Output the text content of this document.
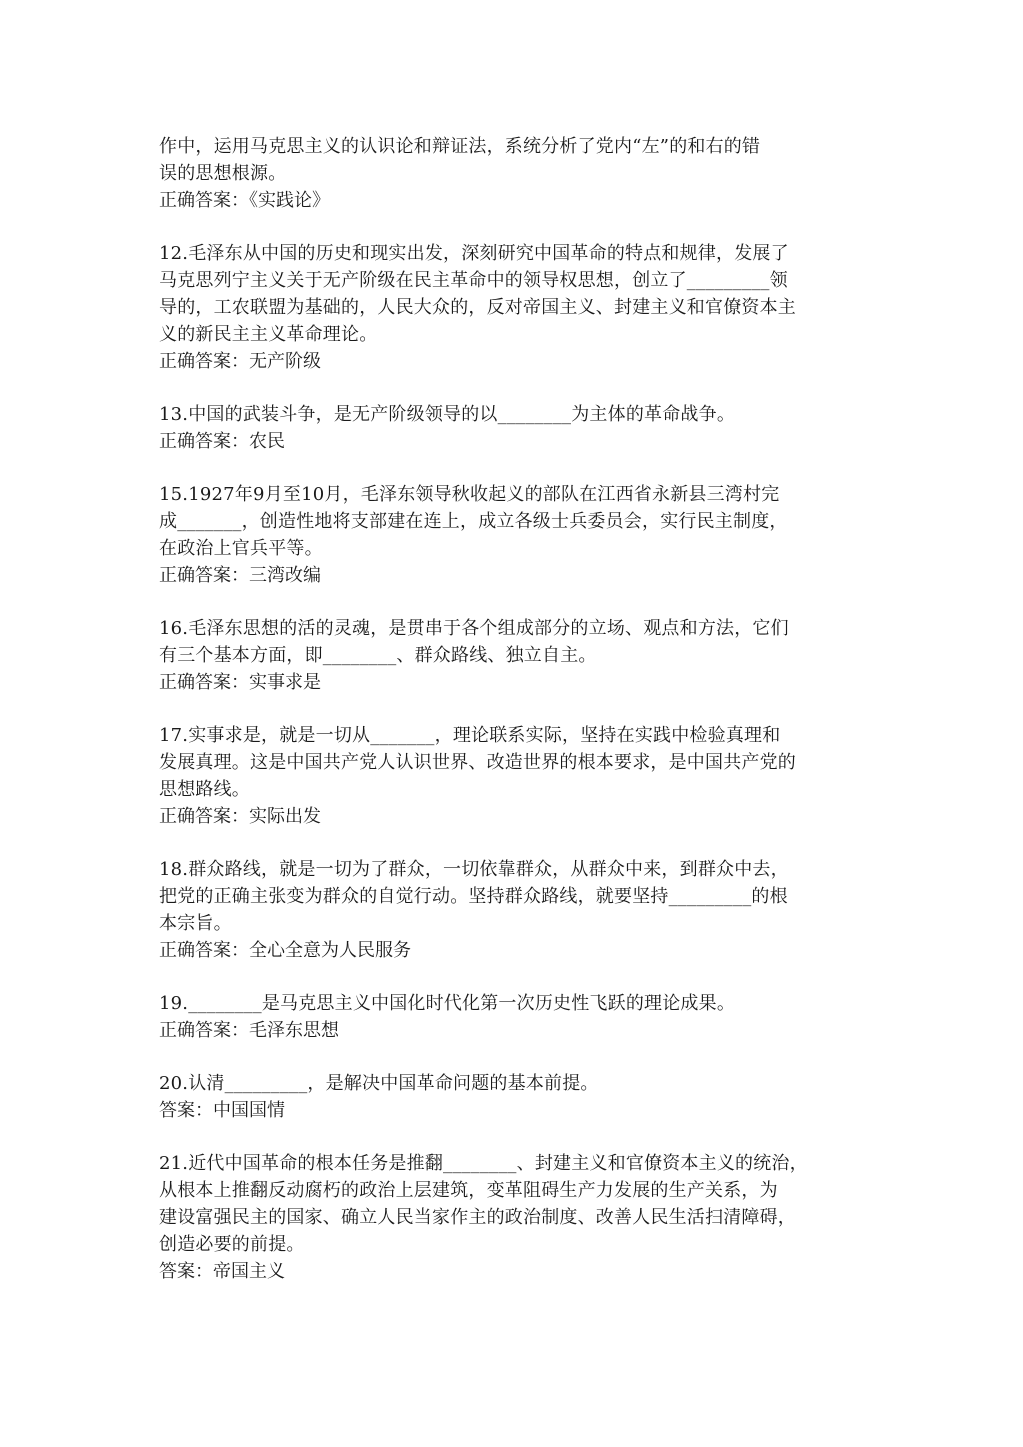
作中，运用马克思主义的认识论和辩证法，系统分析了党内“左”的和右的错
误的思想根源。
正确答案：《实践论》
12.毛泽东从中国的历史和现实出发，深刻研究中国革命的特点和规律，发展了
马克思列宁主义关于无产阶级在民主革命中的领导权思想，创立了_________领
导的，工农联盟为基础的，人民大众的，反对帝国主义、封建主义和官僚资本主
义的新民主主义革命理论。
正确答案：无产阶级
13.中国的武装斗争，是无产阶级领导的以________为主体的革命战争。
正确答案：农民
15.1927年9月至10月，毛泽东领导秋收起义的部队在江西省永新县三湾村完
成_______，创造性地将支部建在连上，成立各级士兵委员会，实行民主制度，
在政治上官兵平等。
正确答案：三湾改编
16.毛泽东思想的活的灵魂，是贯串于各个组成部分的立场、观点和方法，它们
有三个基本方面，即________、群众路线、独立自主。
正确答案：实事求是
17.实事求是，就是一切从_______，理论联系实际，坚持在实践中检验真理和
发展真理。这是中国共产党人认识世界、改造世界的根本要求，是中国共产党的
思想路线。
正确答案：实际出发
18.群众路线，就是一切为了群众，一切依靠群众，从群众中来，到群众中去，
把党的正确主张变为群众的自觉行动。坚持群众路线，就要坚持_________的根
本宗旨。
正确答案：全心全意为人民服务
19.________是马克思主义中国化时代化第一次历史性飞跃的理论成果。
正确答案：毛泽东思想
20.认清_________，是解决中国革命问题的基本前提。
答案：中国国情
21.近代中国革命的根本任务是推翻________、封建主义和官僚资本主义的统治，
从根本上推翻反动腐朽的政治上层建筑，变革阻碍生产力发展的生产关系，为
建设富强民主的国家、确立人民当家作主的政治制度、改善人民生活扫清障碍，
创造必要的前提。
答案：帝国主义
